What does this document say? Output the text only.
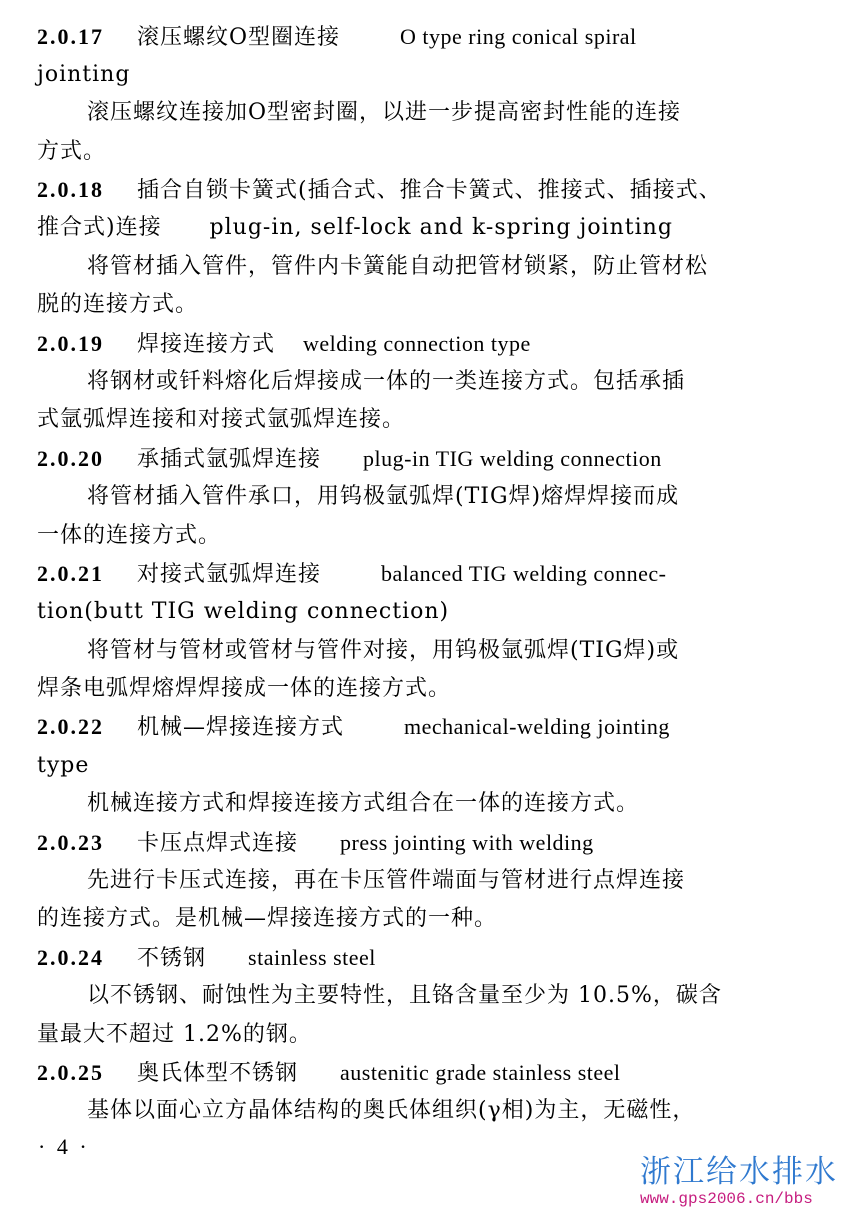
2.0.17 滚压螺纹O型圈连接	O type ring conical spiral
jointing
滚压螺纹连接加O型密封圈，以进一步提高密封性能的连接
方式。
2.0.18 插合自锁卡簧式(插合式、推合卡簧式、推接式、插接式、
推合式)连接      plug-in, self-lock and k-spring jointing
将管材插入管件，管件内卡簧能自动把管材锁紧，防止管材松
脱的连接方式。
2.0.19 焊接连接方式 welding connection type
将钢材或钎料熔化后焊接成一体的一类连接方式。包括承插
式氩弧焊连接和对接式氩弧焊连接。
2.0.20 承插式氩弧焊连接 plug-in TIG welding connection
将管材插入管件承口，用钨极氩弧焊(TIG焊)熔焊焊接而成
一体的连接方式。
2.0.21 对接式氩弧焊连接	balanced TIG welding connec-
tion(butt TIG welding connection)
将管材与管材或管材与管件对接，用钨极氩弧焊(TIG焊)或
焊条电弧焊熔焊焊接成一体的连接方式。
2.0.22 机械—焊接连接方式	mechanical-welding jointing
type
机械连接方式和焊接连接方式组合在一体的连接方式。
2.0.23 卡压点焊式连接 press jointing with welding
先进行卡压式连接，再在卡压管件端面与管材进行点焊连接
的连接方式。是机械—焊接连接方式的一种。
2.0.24 不锈钢 stainless steel
以不锈钢、耐蚀性为主要特性，且铬含量至少为 10.5%，碳含
量最大不超过 1.2%的钢。
2.0.25 奥氏体型不锈钢 austenitic grade stainless steel
基体以面心立方晶体结构的奥氏体组织(γ相)为主，无磁性，
· 4 ·
浙江给水排水
www.gps2006.cn/bbs
